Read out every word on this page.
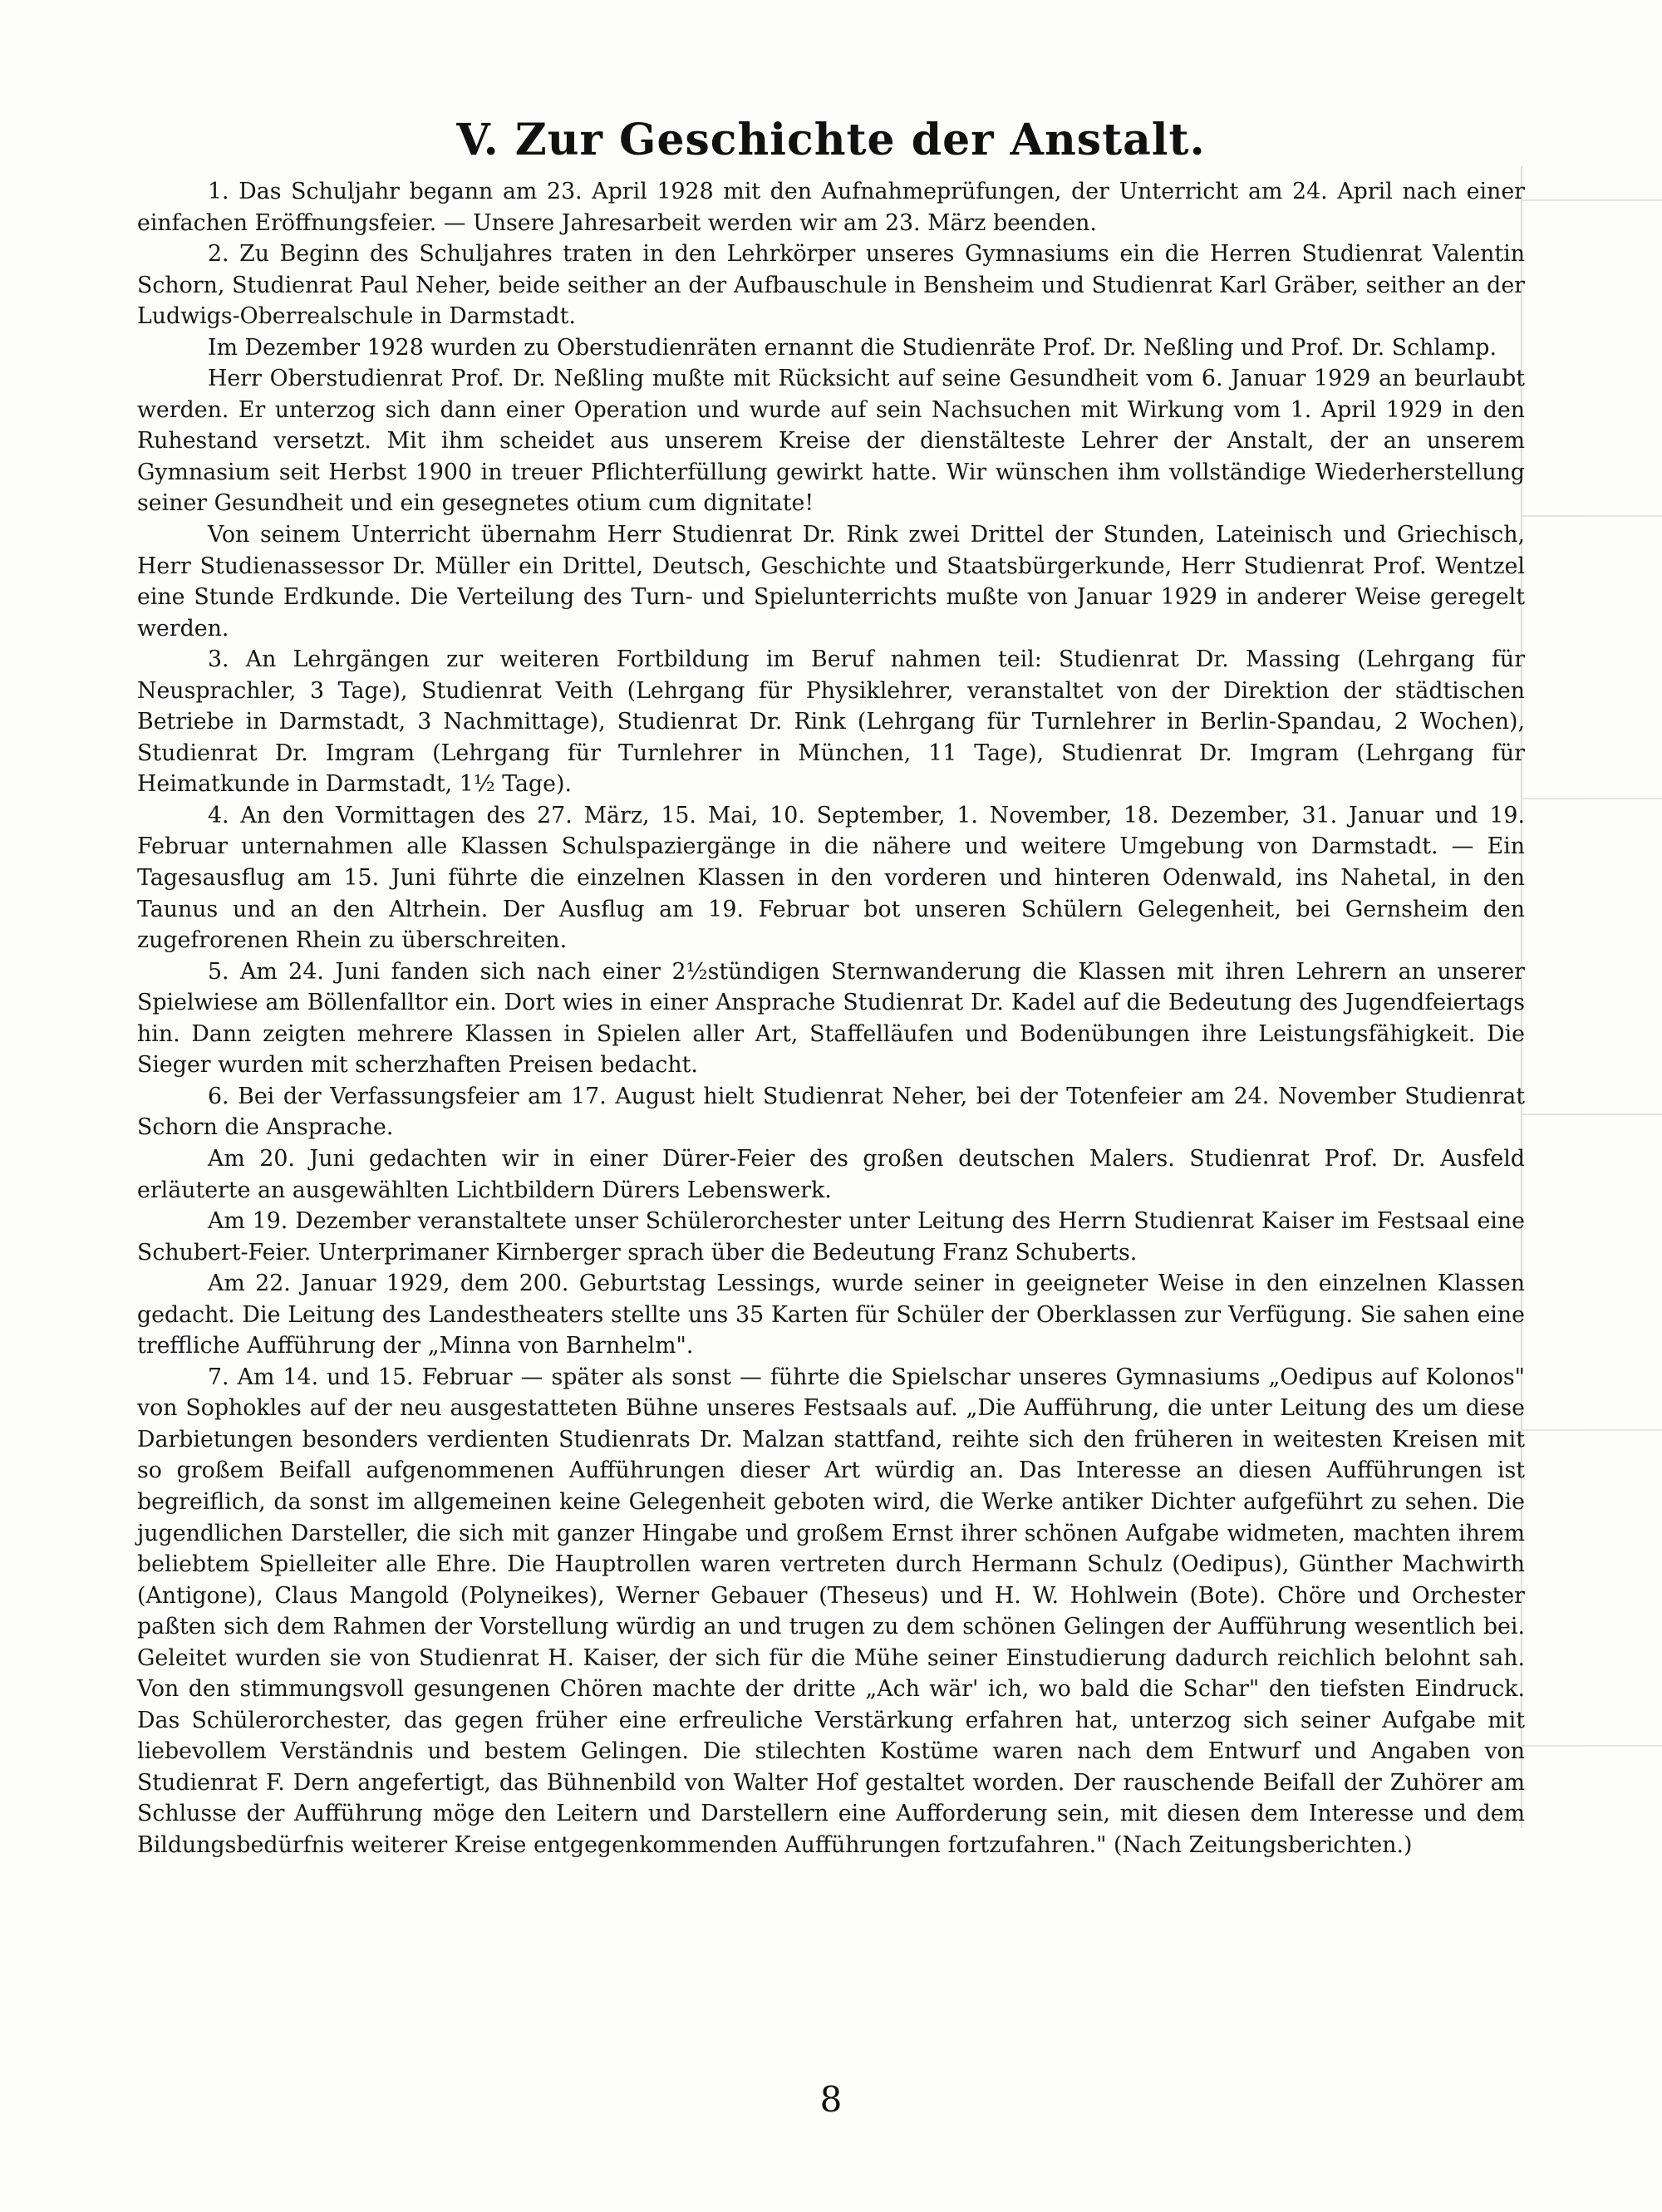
V. Zur Geschichte der Anstalt.

1. Das Schuljahr begann am 23. April 1928 mit den Aufnahmeprüfungen, der Unterricht am 24. April nach einer einfachen Eröffnungsfeier. — Unsere Jahresarbeit werden wir am 23. März beenden.

2. Zu Beginn des Schuljahres traten in den Lehrkörper unseres Gymnasiums ein die Herren Studienrat Valentin Schorn, Studienrat Paul Neher, beide seither an der Aufbauschule in Bensheim und Studienrat Karl Gräber, seither an der Ludwigs-Oberrealschule in Darmstadt.

Im Dezember 1928 wurden zu Oberstudienräten ernannt die Studienräte Prof. Dr. Neßling und Prof. Dr. Schlamp.

Herr Oberstudienrat Prof. Dr. Neßling mußte mit Rücksicht auf seine Gesundheit vom 6. Januar 1929 an beurlaubt werden. Er unterzog sich dann einer Operation und wurde auf sein Nachsuchen mit Wirkung vom 1. April 1929 in den Ruhestand versetzt. Mit ihm scheidet aus unserem Kreise der dienstälteste Lehrer der Anstalt, der an unserem Gymnasium seit Herbst 1900 in treuer Pflichterfüllung gewirkt hatte. Wir wünschen ihm vollständige Wiederherstellung seiner Gesundheit und ein gesegnetes otium cum dignitate!

Von seinem Unterricht übernahm Herr Studienrat Dr. Rink zwei Drittel der Stunden, Lateinisch und Griechisch, Herr Studienassessor Dr. Müller ein Drittel, Deutsch, Geschichte und Staatsbürgerkunde, Herr Studienrat Prof. Wentzel eine Stunde Erdkunde. Die Verteilung des Turn- und Spielunterrichts mußte von Januar 1929 in anderer Weise geregelt werden.

3. An Lehrgängen zur weiteren Fortbildung im Beruf nahmen teil: Studienrat Dr. Massing (Lehrgang für Neusprachler, 3 Tage), Studienrat Veith (Lehrgang für Physiklehrer, veranstaltet von der Direktion der städtischen Betriebe in Darmstadt, 3 Nachmittage), Studienrat Dr. Rink (Lehrgang für Turnlehrer in Berlin-Spandau, 2 Wochen), Studienrat Dr. Imgram (Lehrgang für Turnlehrer in München, 11 Tage), Studienrat Dr. Imgram (Lehrgang für Heimatkunde in Darmstadt, 1½ Tage).

4. An den Vormittagen des 27. März, 15. Mai, 10. September, 1. November, 18. Dezember, 31. Januar und 19. Februar unternahmen alle Klassen Schulspaziergänge in die nähere und weitere Umgebung von Darmstadt. — Ein Tagesausflug am 15. Juni führte die einzelnen Klassen in den vorderen und hinteren Odenwald, ins Nahetal, in den Taunus und an den Altrhein. Der Ausflug am 19. Februar bot unseren Schülern Gelegenheit, bei Gernsheim den zugefrorenen Rhein zu überschreiten.

5. Am 24. Juni fanden sich nach einer 2½stündigen Sternwanderung die Klassen mit ihren Lehrern an unserer Spielwiese am Böllenfalltor ein. Dort wies in einer Ansprache Studienrat Dr. Kadel auf die Bedeutung des Jugendfeiertags hin. Dann zeigten mehrere Klassen in Spielen aller Art, Staffelläufen und Bodenübungen ihre Leistungsfähigkeit. Die Sieger wurden mit scherzhaften Preisen bedacht.

6. Bei der Verfassungsfeier am 17. August hielt Studienrat Neher, bei der Totenfeier am 24. November Studienrat Schorn die Ansprache.

Am 20. Juni gedachten wir in einer Dürer-Feier des großen deutschen Malers. Studienrat Prof. Dr. Ausfeld erläuterte an ausgewählten Lichtbildern Dürers Lebenswerk.

Am 19. Dezember veranstaltete unser Schülerorchester unter Leitung des Herrn Studienrat Kaiser im Festsaal eine Schubert-Feier. Unterprimaner Kirnberger sprach über die Bedeutung Franz Schuberts.

Am 22. Januar 1929, dem 200. Geburtstag Lessings, wurde seiner in geeigneter Weise in den einzelnen Klassen gedacht. Die Leitung des Landestheaters stellte uns 35 Karten für Schüler der Oberklassen zur Verfügung. Sie sahen eine treffliche Aufführung der „Minna von Barnhelm".

7. Am 14. und 15. Februar — später als sonst — führte die Spielschar unseres Gymnasiums „Oedipus auf Kolonos" von Sophokles auf der neu ausgestatteten Bühne unseres Festsaals auf. „Die Aufführung, die unter Leitung des um diese Darbietungen besonders verdienten Studienrats Dr. Malzan stattfand, reihte sich den früheren in weitesten Kreisen mit so großem Beifall aufgenommenen Aufführungen dieser Art würdig an. Das Interesse an diesen Aufführungen ist begreiflich, da sonst im allgemeinen keine Gelegenheit geboten wird, die Werke antiker Dichter aufgeführt zu sehen. Die jugendlichen Darsteller, die sich mit ganzer Hingabe und großem Ernst ihrer schönen Aufgabe widmeten, machten ihrem beliebtem Spielleiter alle Ehre. Die Hauptrollen waren vertreten durch Hermann Schulz (Oedipus), Günther Machwirth (Antigone), Claus Mangold (Polyneikes), Werner Gebauer (Theseus) und H. W. Hohlwein (Bote). Chöre und Orchester paßten sich dem Rahmen der Vorstellung würdig an und trugen zu dem schönen Gelingen der Aufführung wesentlich bei. Geleitet wurden sie von Studienrat H. Kaiser, der sich für die Mühe seiner Einstudierung dadurch reichlich belohnt sah. Von den stimmungsvoll gesungenen Chören machte der dritte „Ach wär' ich, wo bald die Schar" den tiefsten Eindruck. Das Schülerorchester, das gegen früher eine erfreuliche Verstärkung erfahren hat, unterzog sich seiner Aufgabe mit liebevollem Verständnis und bestem Gelingen. Die stilechten Kostüme waren nach dem Entwurf und Angaben von Studienrat F. Dern angefertigt, das Bühnenbild von Walter Hof gestaltet worden. Der rauschende Beifall der Zuhörer am Schlusse der Aufführung möge den Leitern und Darstellern eine Aufforderung sein, mit diesen dem Interesse und dem Bildungsbedürfnis weiterer Kreise entgegenkommenden Aufführungen fortzufahren." (Nach Zeitungsberichten.)

8
